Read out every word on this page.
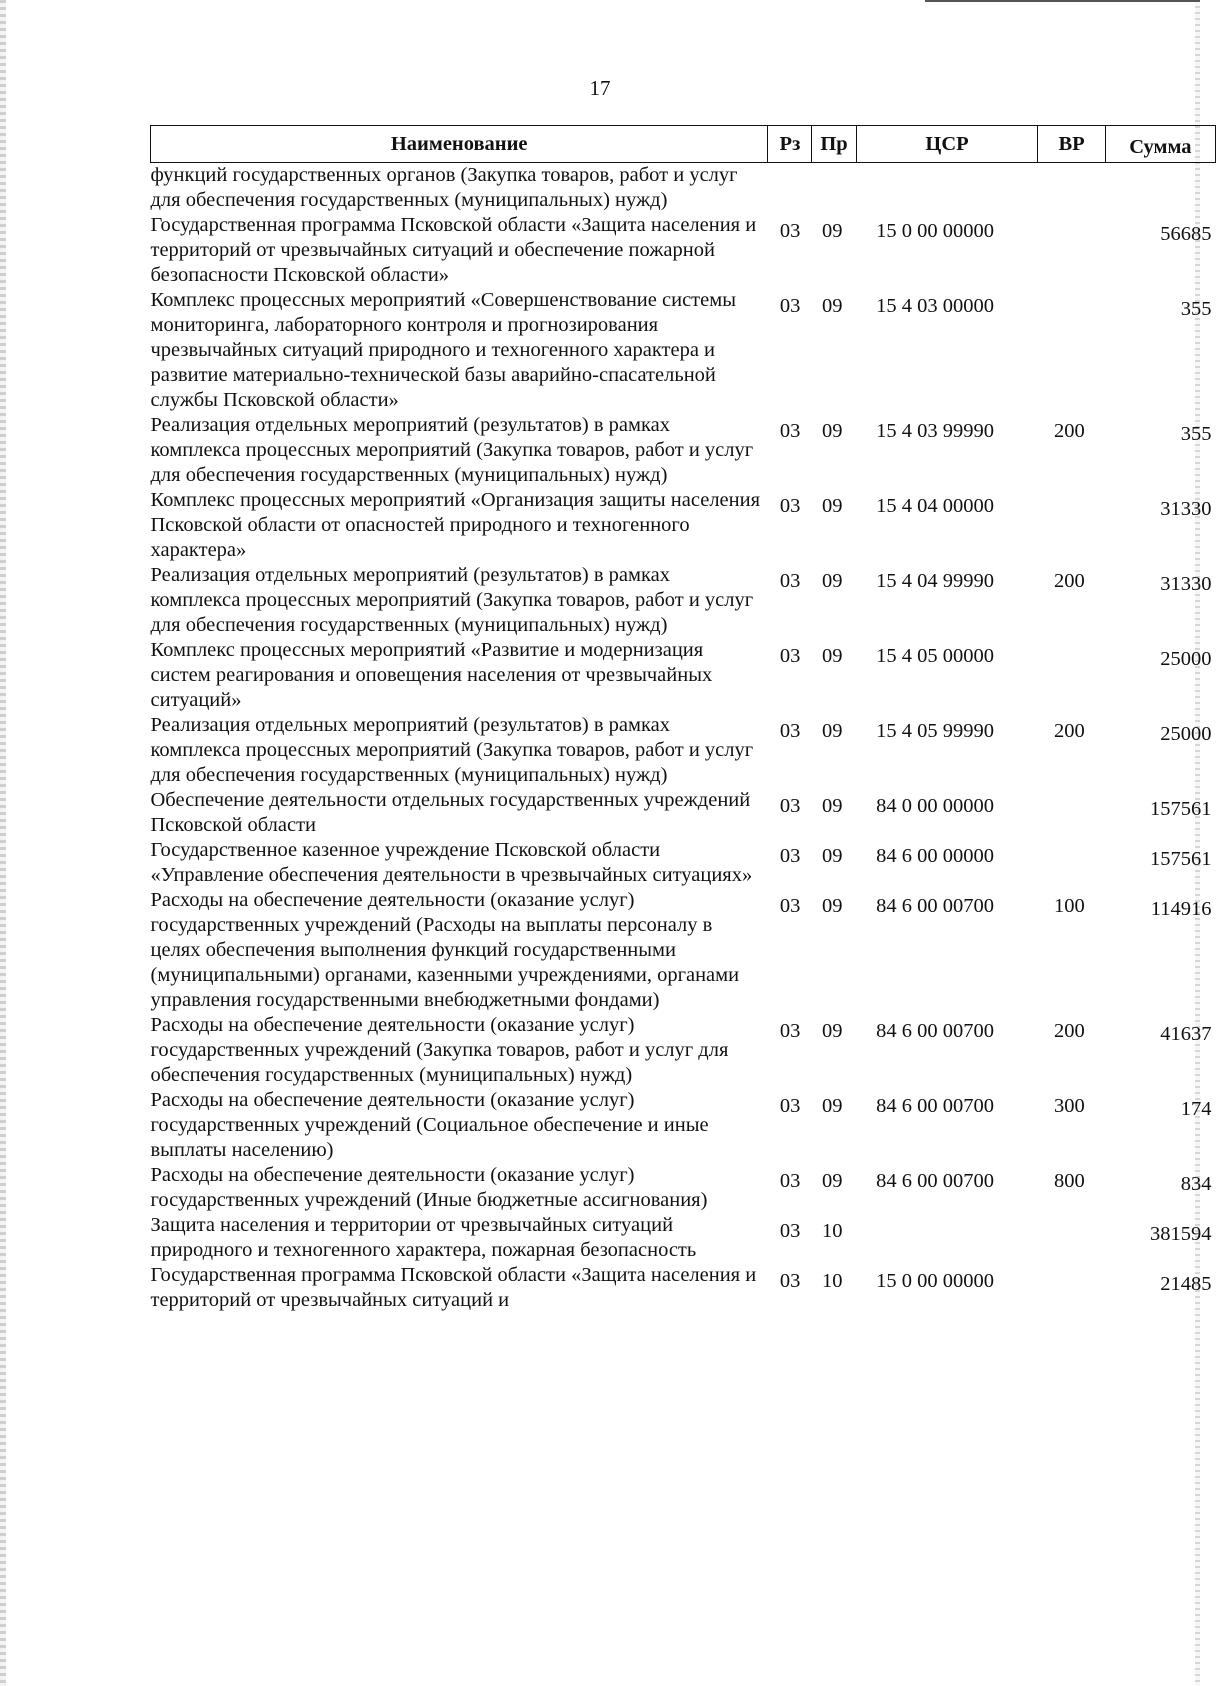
17
Наименование	Рз	Пр	ЦСР	ВР	Сумма
функций государственных органов (Закупка товаров, работ и услуг для обеспечения государственных (муниципальных) нужд)					
Государственная программа Псковской области «Защита населения и территорий от чрезвычайных ситуаций и обеспечение пожарной безопасности Псковской области»	03	09	15 0 00 00000		56685
Комплекс процессных мероприятий «Совершенствование системы мониторинга, лабораторного контроля и прогнозирования чрезвычайных ситуаций природного и техногенного характера и развитие материально-технической базы аварийно-спасательной службы Псковской области»	03	09	15 4 03 00000		355
Реализация отдельных мероприятий (результатов) в рамках комплекса процессных мероприятий (Закупка товаров, работ и услуг для обеспечения государственных (муниципальных) нужд)	03	09	15 4 03 99990	200	355
Комплекс процессных мероприятий «Организация защиты населения Псковской области от опасностей природного и техногенного характера»	03	09	15 4 04 00000		31330
Реализация отдельных мероприятий (результатов) в рамках комплекса процессных мероприятий (Закупка товаров, работ и услуг для обеспечения государственных (муниципальных) нужд)	03	09	15 4 04 99990	200	31330
Комплекс процессных мероприятий «Развитие и модернизация систем реагирования и оповещения населения от чрезвычайных ситуаций»	03	09	15 4 05 00000		25000
Реализация отдельных мероприятий (результатов) в рамках комплекса процессных мероприятий (Закупка товаров, работ и услуг для обеспечения государственных (муниципальных) нужд)	03	09	15 4 05 99990	200	25000
Обеспечение деятельности отдельных государственных учреждений Псковской области	03	09	84 0 00 00000		157561
Государственное казенное учреждение Псковской области «Управление обеспечения деятельности в чрезвычайных ситуациях»	03	09	84 6 00 00000		157561
Расходы на обеспечение деятельности (оказание услуг) государственных учреждений (Расходы на выплаты персоналу в целях обеспечения выполнения функций государственными (муниципальными) органами, казенными учреждениями, органами управления государственными внебюджетными фондами)	03	09	84 6 00 00700	100	114916
Расходы на обеспечение деятельности (оказание услуг) государственных учреждений (Закупка товаров, работ и услуг для обеспечения государственных (муниципальных) нужд)	03	09	84 6 00 00700	200	41637
Расходы на обеспечение деятельности (оказание услуг) государственных учреждений (Социальное обеспечение и иные выплаты населению)	03	09	84 6 00 00700	300	174
Расходы на обеспечение деятельности (оказание услуг) государственных учреждений (Иные бюджетные ассигнования)	03	09	84 6 00 00700	800	834
Защита населения и территории от чрезвычайных ситуаций природного и техногенного характера, пожарная безопасность	03	10			381594
Государственная программа Псковской области «Защита населения и территорий от чрезвычайных ситуаций и	03	10	15 0 00 00000		21485
